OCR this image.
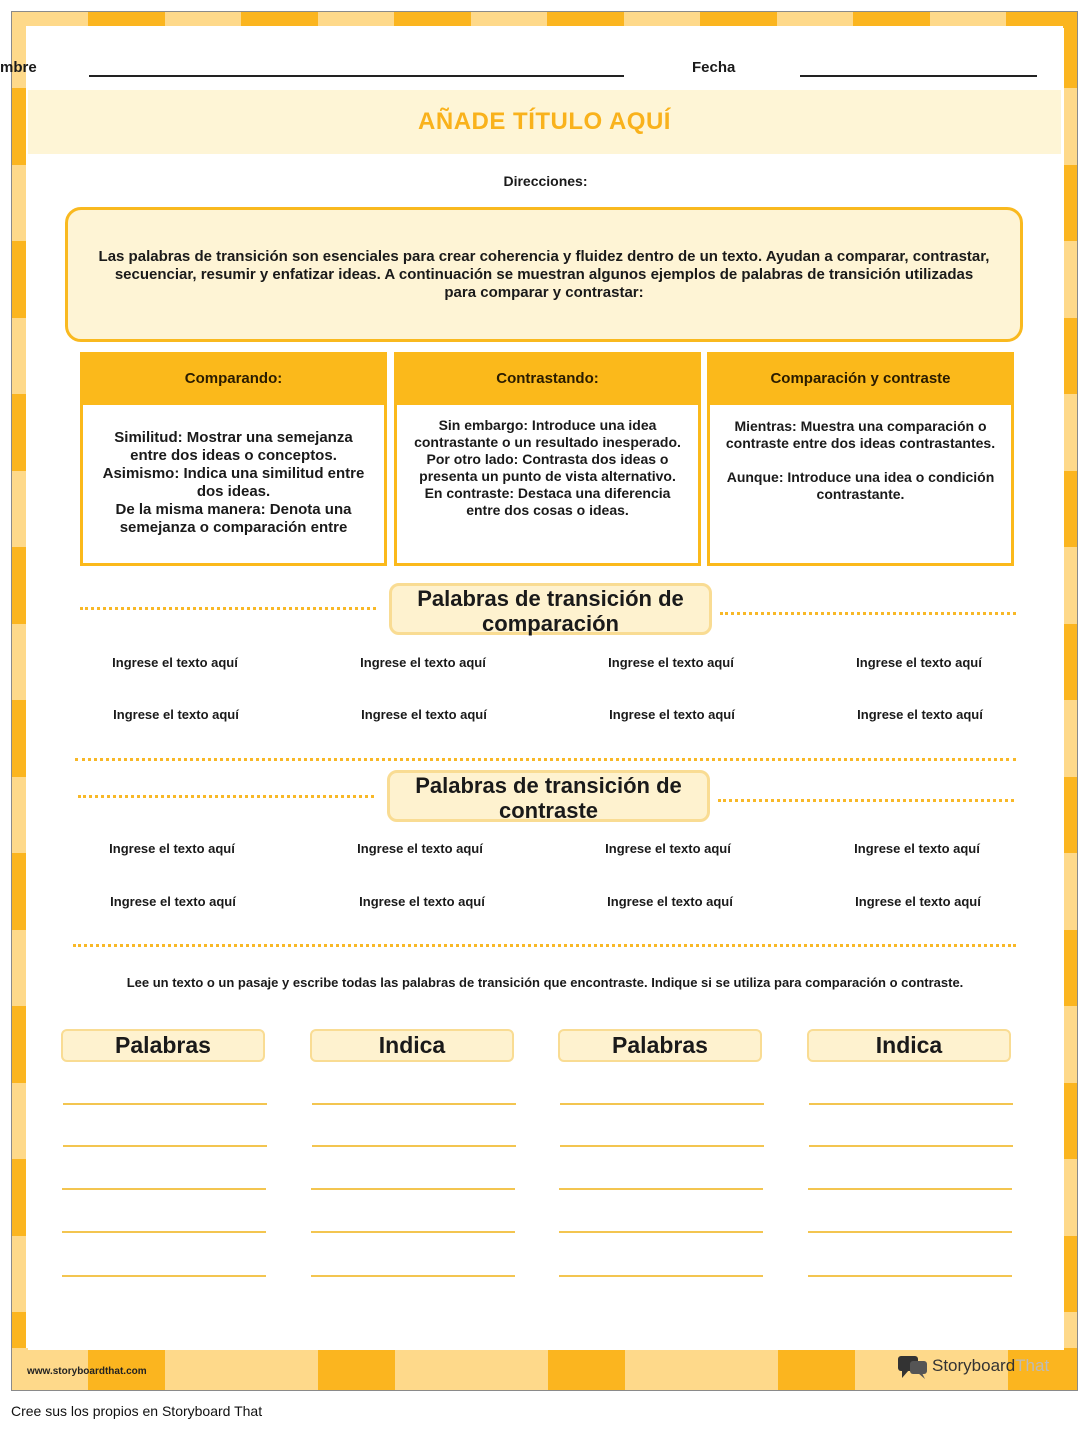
mbre	Fecha
AÑADE TÍTULO AQUÍ
Direcciones:
Las palabras de transición son esenciales para crear coherencia y fluidez dentro de un texto. Ayudan a comparar, contrastar, secuenciar, resumir y enfatizar ideas. A continuación se muestran algunos ejemplos de palabras de transición utilizadas para comparar y contrastar:
Comparando:
Similitud: Mostrar una semejanza entre dos ideas o conceptos.
Asimismo: Indica una similitud entre dos ideas.
De la misma manera: Denota una semejanza o comparación entre
Contrastando:
Sin embargo: Introduce una idea contrastante o un resultado inesperado.
Por otro lado: Contrasta dos ideas o presenta un punto de vista alternativo.
En contraste: Destaca una diferencia entre dos cosas o ideas.
Comparación y contraste
Mientras: Muestra una comparación o contraste entre dos ideas contrastantes.

Aunque: Introduce una idea o condición contrastante.
Palabras de transición de comparación
Ingrese el texto aquí	Ingrese el texto aquí	Ingrese el texto aquí	Ingrese el texto aquí
Ingrese el texto aquí	Ingrese el texto aquí	Ingrese el texto aquí	Ingrese el texto aquí
Palabras de transición de contraste
Ingrese el texto aquí	Ingrese el texto aquí	Ingrese el texto aquí	Ingrese el texto aquí
Ingrese el texto aquí	Ingrese el texto aquí	Ingrese el texto aquí	Ingrese el texto aquí
Lee un texto o un pasaje y escribe todas las palabras de transición que encontraste. Indique si se utiliza para comparación o contraste.
Palabras	Indica	Palabras	Indica
www.storyboardthat.com	StoryboardThat
Cree sus los propios en Storyboard That
